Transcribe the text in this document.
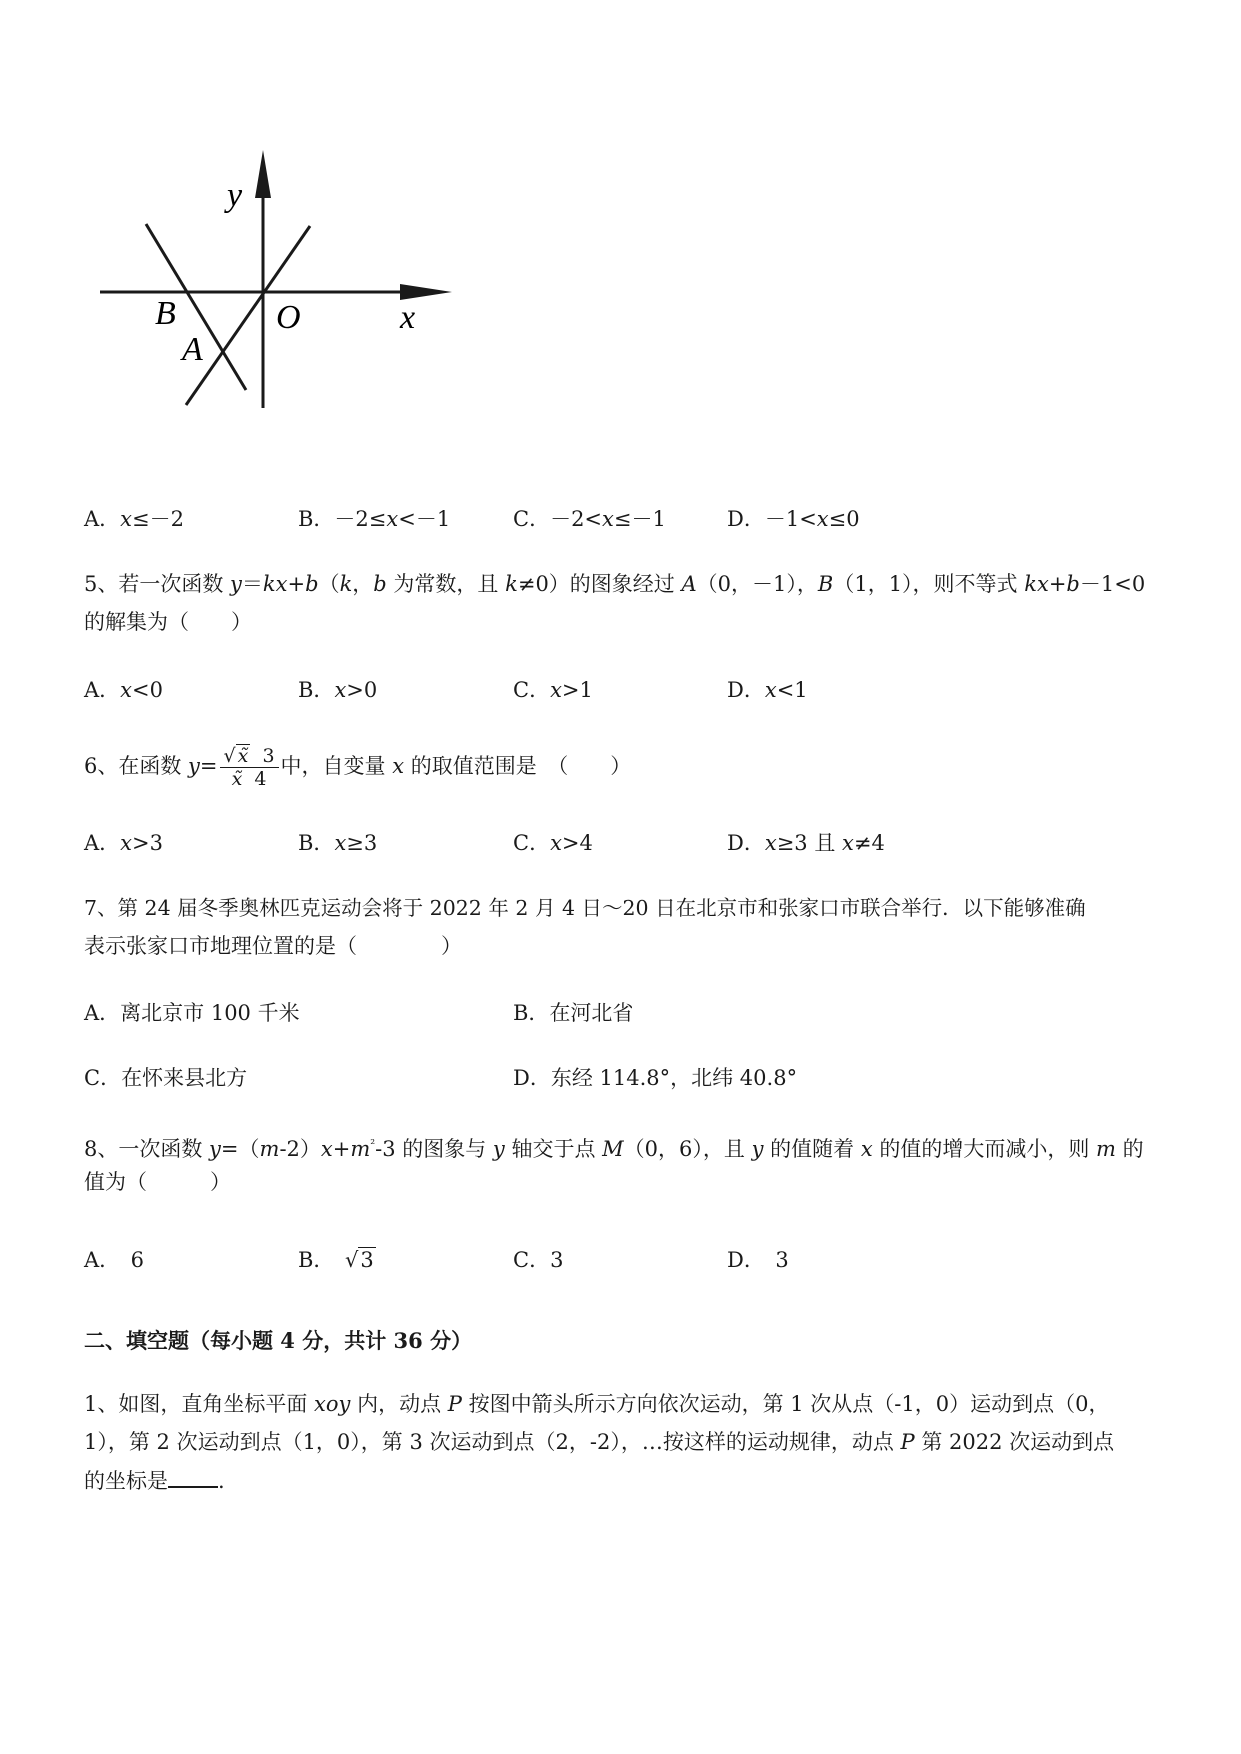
y
x
O
B
A
A．x≤－2	B．－2≤x<－1	C．－2<x≤－1	D．－1<x≤0
5、若一次函数 y＝kx+b（k，b 为常数，且 k≠0）的图象经过 A（0，－1），B（1，1），则不等式 kx+b－1<0
的解集为（　　）
A．x<0	B．x>0	C．x>1	D．x<1
6、在函数 $y= \frac{√ x̃ 3}{x̃ 4}$ 中，自变量 x 的取值范围是　（　　）
A．x>3	B．x≥3	C．x>4	D．x≥3 且 x≠4
7、第 24 届冬季奥林匹克运动会将于 2022 年 2 月 4 日～20 日在北京市和张家口市联合举行．以下能够准确
表示张家口市地理位置的是（　　　　）
A．离北京市 100 千米	B．在河北省
C．在怀来县北方	D．东经 114.8°，北纬 40.8°
8、一次函数 $y=(m-2)x+m^{^2}-3$ 的图象与 y 轴交于点 M（0，6），且 y 的值随着 x 的值的增大而减小，则 m 的
值为（　　　）
A．　6	B．　√3	C．3	D．　3
二、填空题（每小题 4 分，共计 36 分）
1、如图，直角坐标平面 xoy 内，动点 P 按图中箭头所示方向依次运动，第 1 次从点（-1，0）运动到点（0，
1），第 2 次运动到点（1，0），第 3 次运动到点（2，-2），…按这样的运动规律，动点 P 第 2022 次运动到点
的坐标是 .
